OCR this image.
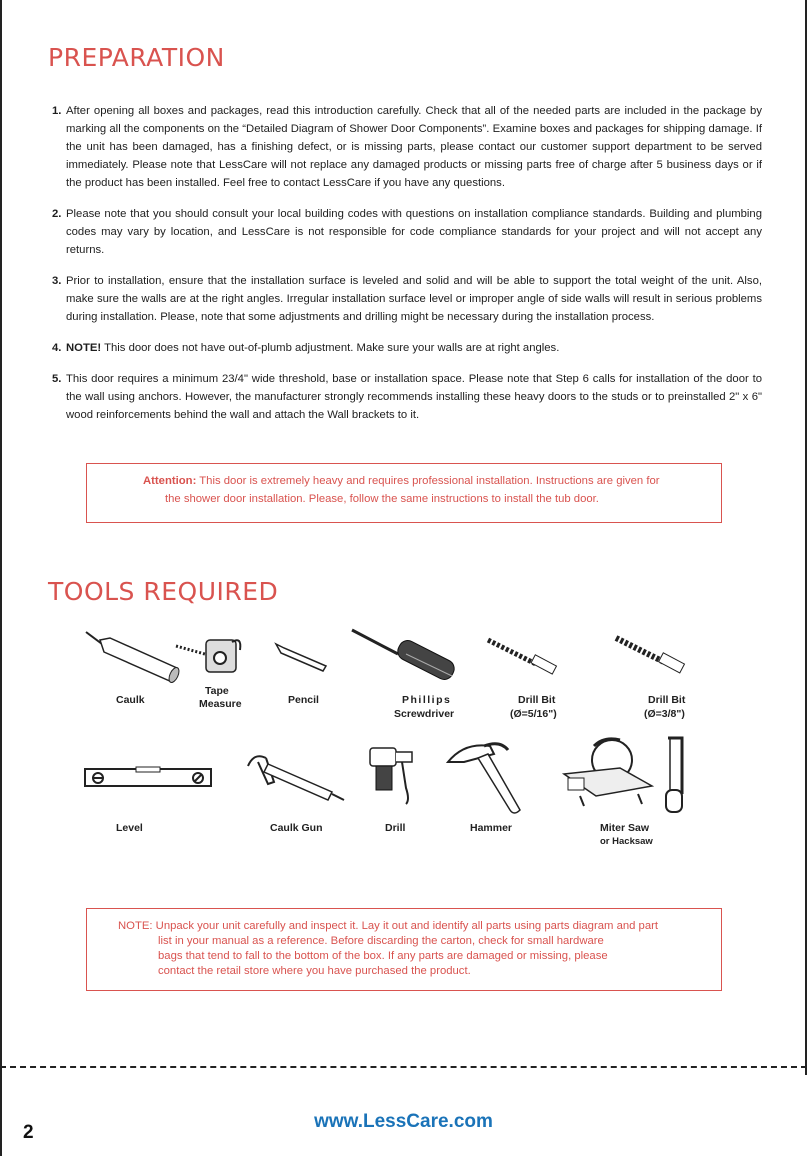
PREPARATION
1. After opening all boxes and packages, read this introduction carefully. Check that all of the needed parts are included in the package by marking all the components on the “Detailed Diagram of Shower Door Components”. Examine boxes and packages for shipping damage. If the unit has been damaged, has a finishing defect, or is missing parts, please contact our customer support department to be served immediately. Please note that LessCare will not replace any damaged products or missing parts free of charge after 5 business days or if the product has been installed. Feel free to contact LessCare if you have any questions.
2. Please note that you should consult your local building codes with questions on installation compliance standards. Building and plumbing codes may vary by location, and LessCare is not responsible for code compliance standards for your project and will not accept any returns.
3. Prior to installation, ensure that the installation surface is leveled and solid and will be able to support the total weight of the unit. Also, make sure the walls are at the right angles. Irregular installation surface level or improper angle of side walls will result in serious problems during installation. Please, note that some adjustments and drilling might be necessary during the installation process.
4. NOTE! This door does not have out-of-plumb adjustment. Make sure your walls are at right angles.
5. This door requires a minimum 23/4" wide threshold, base or installation space. Please note that Step 6 calls for installation of the door to the wall using anchors. However, the manufacturer strongly recommends installing these heavy doors to the studs or to preinstalled 2" x 6" wood reinforcements behind the wall and attach the Wall brackets to it.

Attention: This door is extremely heavy and requires professional installation. Instructions are given for

the shower door installation. Please, follow the same instructions to install the tub door.

TOOLS REQUIRED
Caulk
Tape
Measure	Pencil	Phillips
Screwdriver
Drill Bit
(Ø=5/16")
Drill Bit
(Ø=3/8")
Level	Caulk Gun	Drill	Hammer	Miter Saw
or Hacksaw

NOTE: Unpack your unit carefully and inspect it. Lay it out and identify all parts using parts diagram and part

list in your manual as a reference. Before discarding the carton, check for small hardware

bags that tend to fall to the bottom of the box. If any parts are damaged or missing, please

contact the retail store where you have purchased the product.

2
www.LessCare.com
